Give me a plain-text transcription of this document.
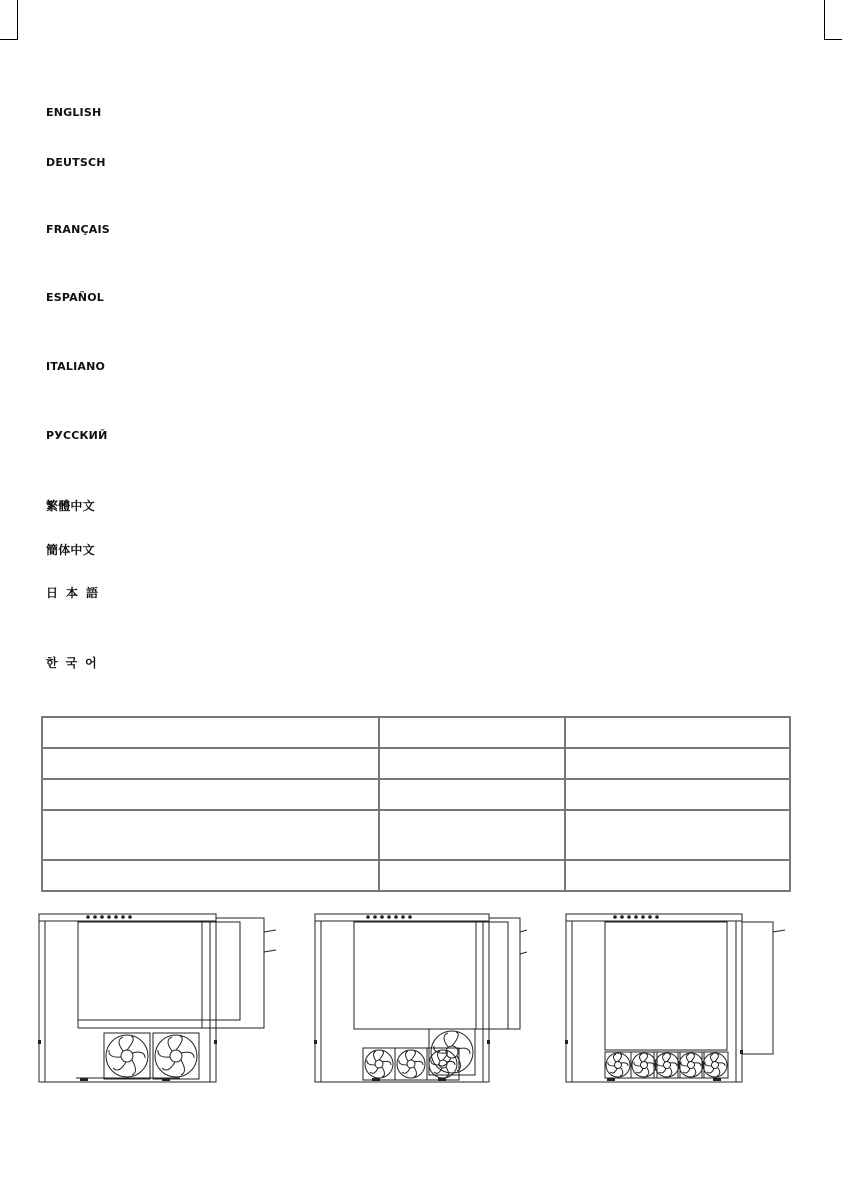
ENGLISH
DEUTSCH
FRANÇAIS
ESPAÑOL
ITALIANO
РУССКИЙ
繁體中文
簡体中文
日本語
한국어
